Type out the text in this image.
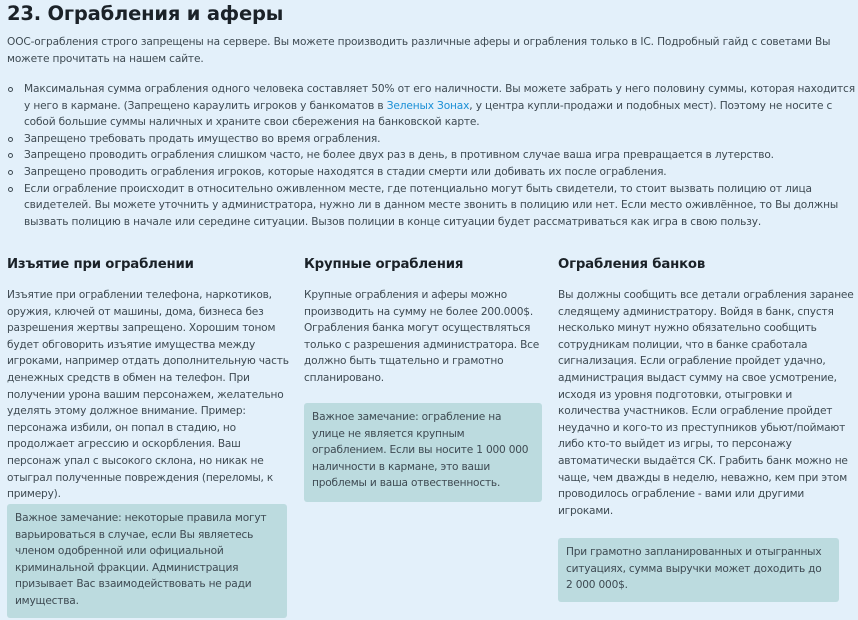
23. Ограбления и аферы

OOC-ограбления строго запрещены на сервере. Вы можете производить различные аферы и ограбления только в IC. Подробный гайд с советами Вы можете прочитать на нашем сайте.

Максимальная сумма ограбления одного человека составляет 50% от его наличности. Вы можете забрать у него половину суммы, которая находится у него в кармане. (Запрещено караулить игроков у банкоматов в Зеленых Зонах, у центра купли-продажи и подобных мест). Поэтому не носите с собой большие суммы наличных и храните свои сбережения на банковской карте.
Запрещено требовать продать имущество во время ограбления.
Запрещено проводить ограбления слишком часто, не более двух раз в день, в противном случае ваша игра превращается в лутерство.
Запрещено проводить ограбления игроков, которые находятся в стадии смерти или добивать их после ограбления.
Если ограбление происходит в относительно оживленном месте, где потенциально могут быть свидетели, то стоит вызвать полицию от лица свидетелей. Вы можете уточнить у администратора, нужно ли в данном месте звонить в полицию или нет. Если место оживлённое, то Вы должны вызвать полицию в начале или середине ситуации. Вызов полиции в конце ситуации будет рассматриваться как игра в свою пользу.
Изъятие при ограблении

Изъятие при ограблении телефона, наркотиков, оружия, ключей от машины, дома, бизнеса без разрешения жертвы запрещено. Хорошим тоном будет обговорить изъятие имущества между игроками, например отдать дополнительную часть денежных средств в обмен на телефон. При получении урона вашим персонажем, желательно уделять этому должное внимание. Пример: персонажа избили, он попал в стадию, но продолжает агрессию и оскорбления. Ваш персонаж упал с высокого склона, но никак не отыграл полученные повреждения (переломы, к примеру).

Важное замечание: некоторые правила могут варьироваться в случае, если Вы являетесь членом одобренной или официальной криминальной фракции. Администрация призывает Вас взаимодействовать не ради имущества.
Крупные ограбления

Крупные ограбления и аферы можно производить на сумму не более 200.000$. Ограбления банка могут осуществляться только с разрешения администратора. Все должно быть тщательно и грамотно спланировано.

Важное замечание: ограбление на улице не является крупным ограблением. Если вы носите 1 000 000 наличности в кармане, это ваши проблемы и ваша отвественность.
Ограбления банков

Вы должны сообщить все детали ограбления заранее следящему администратору. Войдя в банк, спустя несколько минут нужно обязательно сообщить сотрудникам полиции, что в банке сработала сигнализация. Если ограбление пройдет удачно, администрация выдаст сумму на свое усмотрение, исходя из уровня подготовки, отыгровки и количества участников. Если ограбление пройдет неудачно и кого-то из преступников убьют/поймают либо кто-то выйдет из игры, то персонажу автоматически выдаётся СК. Грабить банк можно не чаще, чем дважды в неделю, неважно, кем при этом проводилось ограбление - вами или другими игроками.

При грамотно запланированных и отыгранных ситуациях, сумма выручки может доходить до 2 000 000$.
